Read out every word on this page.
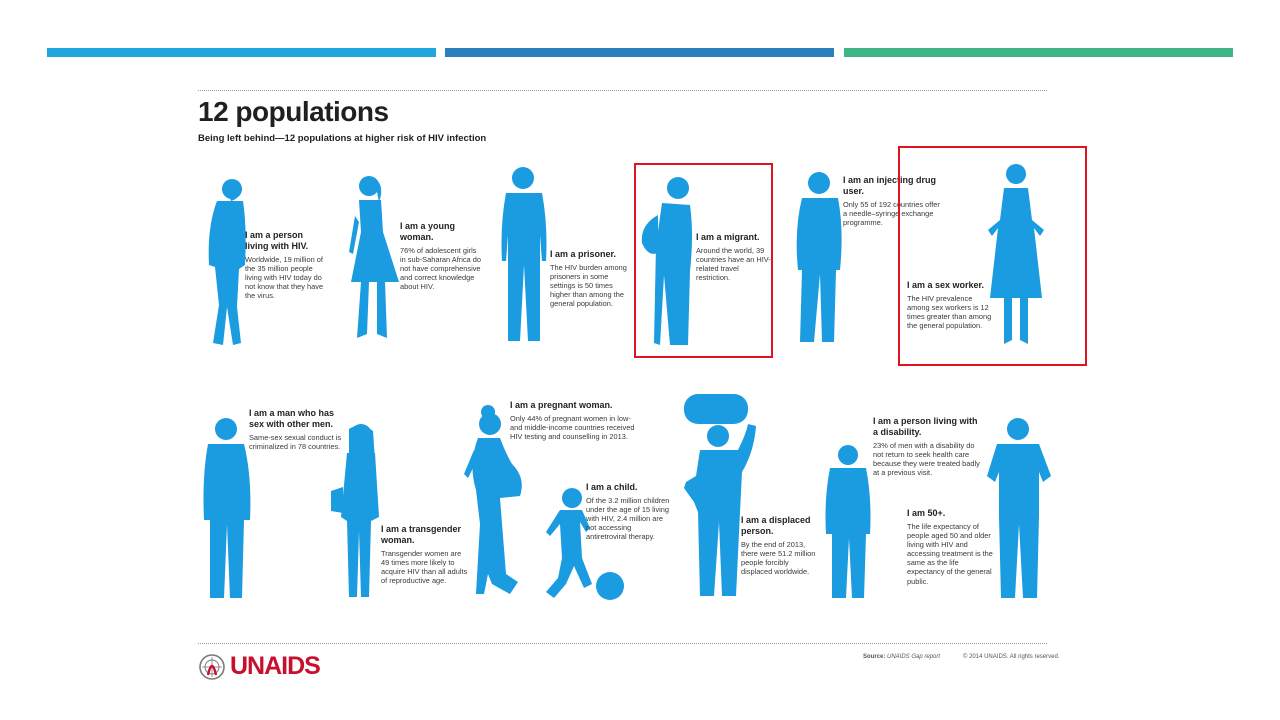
12 populations
Being left behind—12 populations at higher risk of HIV infection
I am a person living with HIV.
Worldwide, 19 million of the 35 million people living with HIV today do not know that they have the virus.
I am a young woman.
76% of adolescent girls in sub-Saharan Africa do not have comprehensive and correct knowledge about HIV.
I am a prisoner.
The HIV burden among prisoners in some settings is 50 times higher than among the general population.
I am a migrant.
Around the world, 39 countries have an HIV-related travel restriction.
I am an injecting drug user.
Only 55 of 192 countries offer a needle–syringe exchange programme.
I am a sex worker.
The HIV prevalence among sex workers is 12 times greater than among the general population.
I am a man who has sex with other men.
Same-sex sexual conduct is criminalized in 78 countries.
I am a transgender woman.
Transgender women are 49 times more likely to acquire HIV than all adults of reproductive age.
I am a pregnant woman.
Only 44% of pregnant women in low- and middle-income countries received HIV testing and counselling in 2013.
I am a child.
Of the 3.2 million children under the age of 15 living with HIV, 2.4 million are not accessing antiretroviral therapy.
I am a displaced person.
By the end of 2013, there were 51.2 million people forcibly displaced worldwide.
I am a person living with a disability.
23% of men with a disability do not return to seek health care because they were treated badly at a previous visit.
I am 50+.
The life expectancy of people aged 50 and older living with HIV and accessing treatment is the same as the life expectancy of the general public.
UNAIDS	Source: UNAIDS Gap report	© 2014 UNAIDS. All rights reserved.
